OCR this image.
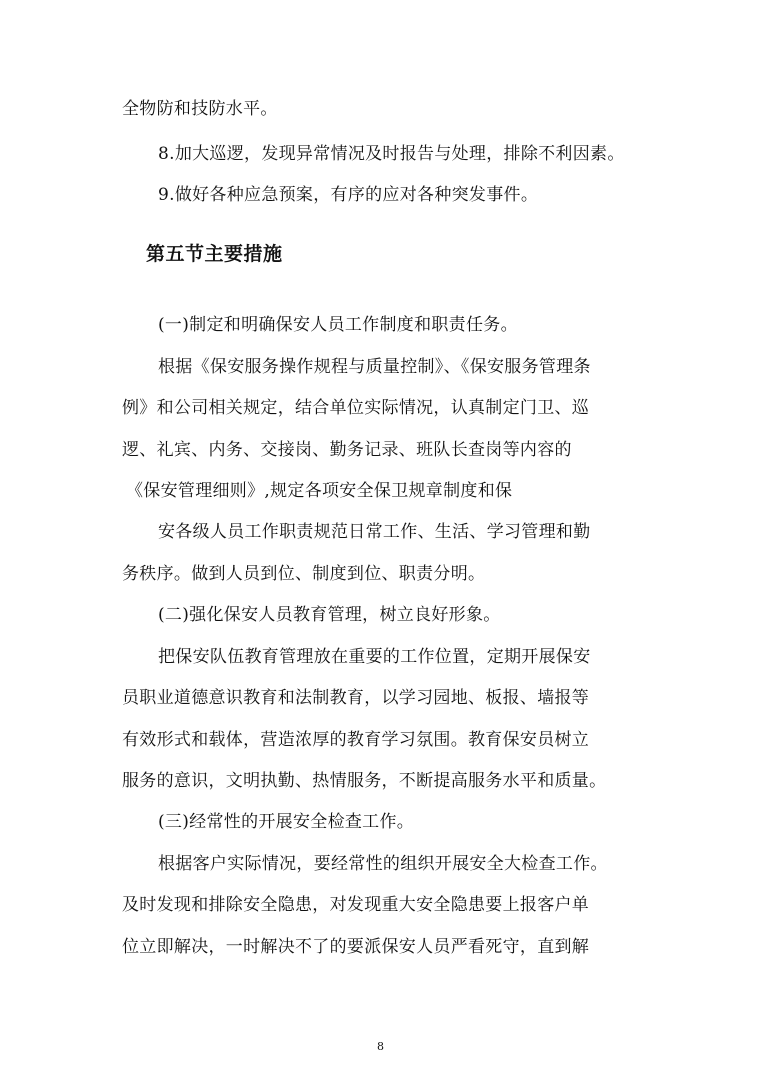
全物防和技防水平。
8.加大巡逻，发现异常情况及时报告与处理，排除不利因素。
9.做好各种应急预案，有序的应对各种突发事件。
第五节主要措施
(一)制定和明确保安人员工作制度和职责任务。
根据《保安服务操作规程与质量控制》、《保安服务管理条
例》和公司相关规定，结合单位实际情况，认真制定门卫、巡
逻、礼宾、内务、交接岗、勤务记录、班队长查岗等内容的
《保安管理细则》,规定各项安全保卫规章制度和保
安各级人员工作职责规范日常工作、生活、学习管理和勤
务秩序。做到人员到位、制度到位、职责分明。
(二)强化保安人员教育管理，树立良好形象。
把保安队伍教育管理放在重要的工作位置，定期开展保安
员职业道德意识教育和法制教育，以学习园地、板报、墙报等
有效形式和载体，营造浓厚的教育学习氛围。教育保安员树立
服务的意识，文明执勤、热情服务，不断提高服务水平和质量。
(三)经常性的开展安全检查工作。
根据客户实际情况，要经常性的组织开展安全大检查工作。
及时发现和排除安全隐患，对发现重大安全隐患要上报客户单
位立即解决，一时解决不了的要派保安人员严看死守，直到解
8
